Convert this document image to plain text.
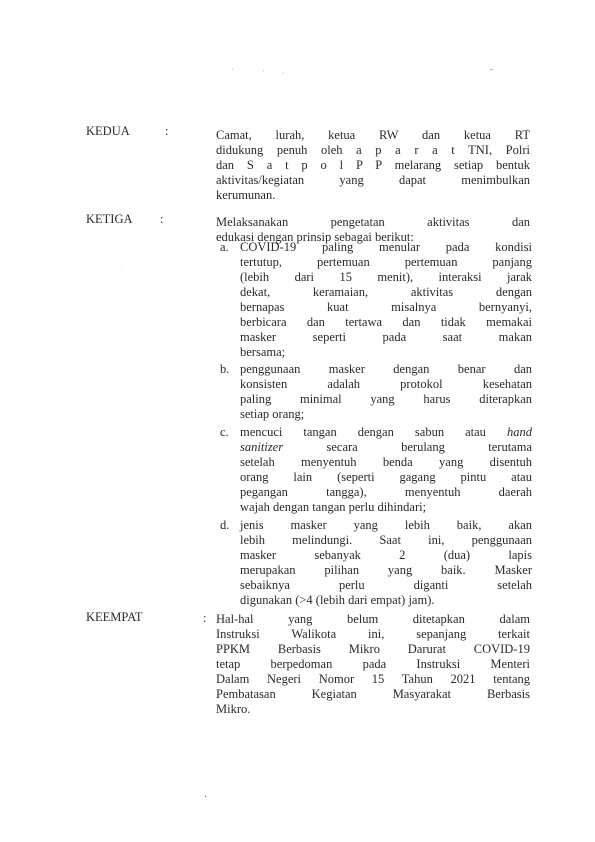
·	· ·	-
·
·
KEDUA	:	Camat, lurah, ketua RW dan ketua RT
didukung penuh oleh a p a r a t TNI, Polri
dan S a t p o l P P melarang setiap bentuk
aktivitas/kegiatan yang dapat menimbulkan
kerumunan.
KETIGA	:	Melaksanakan pengetatan aktivitas dan
edukasi dengan prinsip sebagai berikut:
a. COVID-19 paling menular pada kondisi
tertutup, pertemuan pertemuan panjang
(lebih dari 15 menit), interaksi jarak
dekat, keramaian, aktivitas dengan
bernapas kuat misalnya bernyanyi,
berbicara dan tertawa dan tidak memakai
masker seperti pada saat makan
bersama;
b. penggunaan masker dengan benar dan
konsisten adalah protokol kesehatan
paling minimal yang harus diterapkan
setiap orang;
c. mencuci tangan dengan sabun atau hand
sanitizer secara berulang terutama
setelah menyentuh benda yang disentuh
orang lain (seperti gagang pintu atau
pegangan tangga), menyentuh daerah
wajah dengan tangan perlu dihindari;
d. jenis masker yang lebih baik, akan
lebih melindungi. Saat ini, penggunaan
masker sebanyak 2 (dua) lapis
merupakan pilihan yang baik. Masker
sebaiknya perlu diganti setelah
digunakan (>4 (lebih dari empat) jam).
KEEMPAT	: Hal-hal yang belum ditetapkan dalam
Instruksi Walikota ini, sepanjang terkait
PPKM Berbasis Mikro Darurat COVID-19
tetap berpedoman pada Instruksi Menteri
Dalam Negeri Nomor 15 Tahun 2021 tentang
Pembatasan Kegiatan Masyarakat Berbasis
Mikro.
